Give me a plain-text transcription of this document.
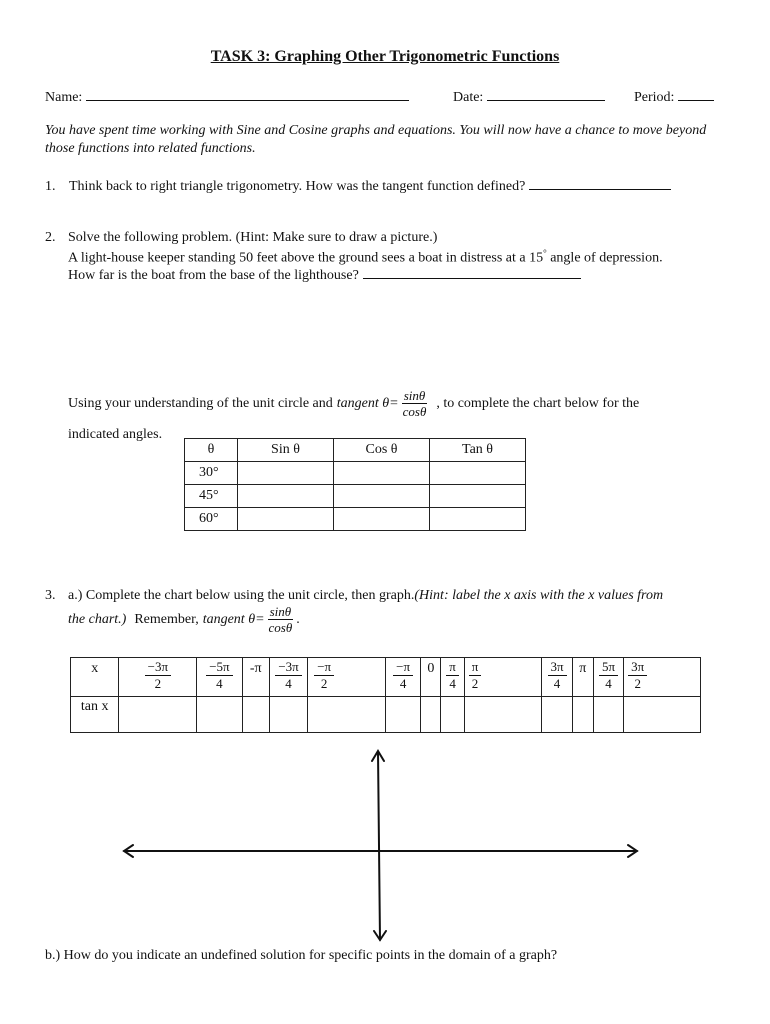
TASK 3: Graphing Other Trigonometric Functions
Name:	Date:	Period:
You have spent time working with Sine and Cosine graphs and equations. You will now have a chance to move beyond those functions into related functions.
1. Think back to right triangle trigonometry. How was the tangent function defined?
2. Solve the following problem. (Hint: Make sure to draw a picture.)
A light-house keeper standing 50 feet above the ground sees a boat in distress at a 15° angle of depression.
How far is the boat from the base of the lighthouse?
Using your understanding of the unit circle and tangent $\theta= \frac{\sin\theta}{\cos\theta}$ , to complete the chart below for the
indicated angles.
θ	Sin θ	Cos θ	Tan θ
30°			
45°			
60°			
3. a.) Complete the chart below using the unit circle, then graph.(Hint: label the x axis with the x values from
the chart.) Remember, tangent $\theta= \frac{\sin\theta}{\cos\theta}$ .
x	$\frac{-3\pi}{2}$	$\frac{-5\pi}{4}$	-π	$\frac{-3\pi}{4}$	$\frac{-\pi}{2}$	$\frac{-\pi}{4}$	0	$\frac{\pi}{4}$	$\frac{\pi}{2}$	$\frac{3\pi}{4}$	π	$\frac{5\pi}{4}$	$\frac{3\pi}{2}$

tan x													
b.) How do you indicate an undefined solution for specific points in the domain of a graph?
